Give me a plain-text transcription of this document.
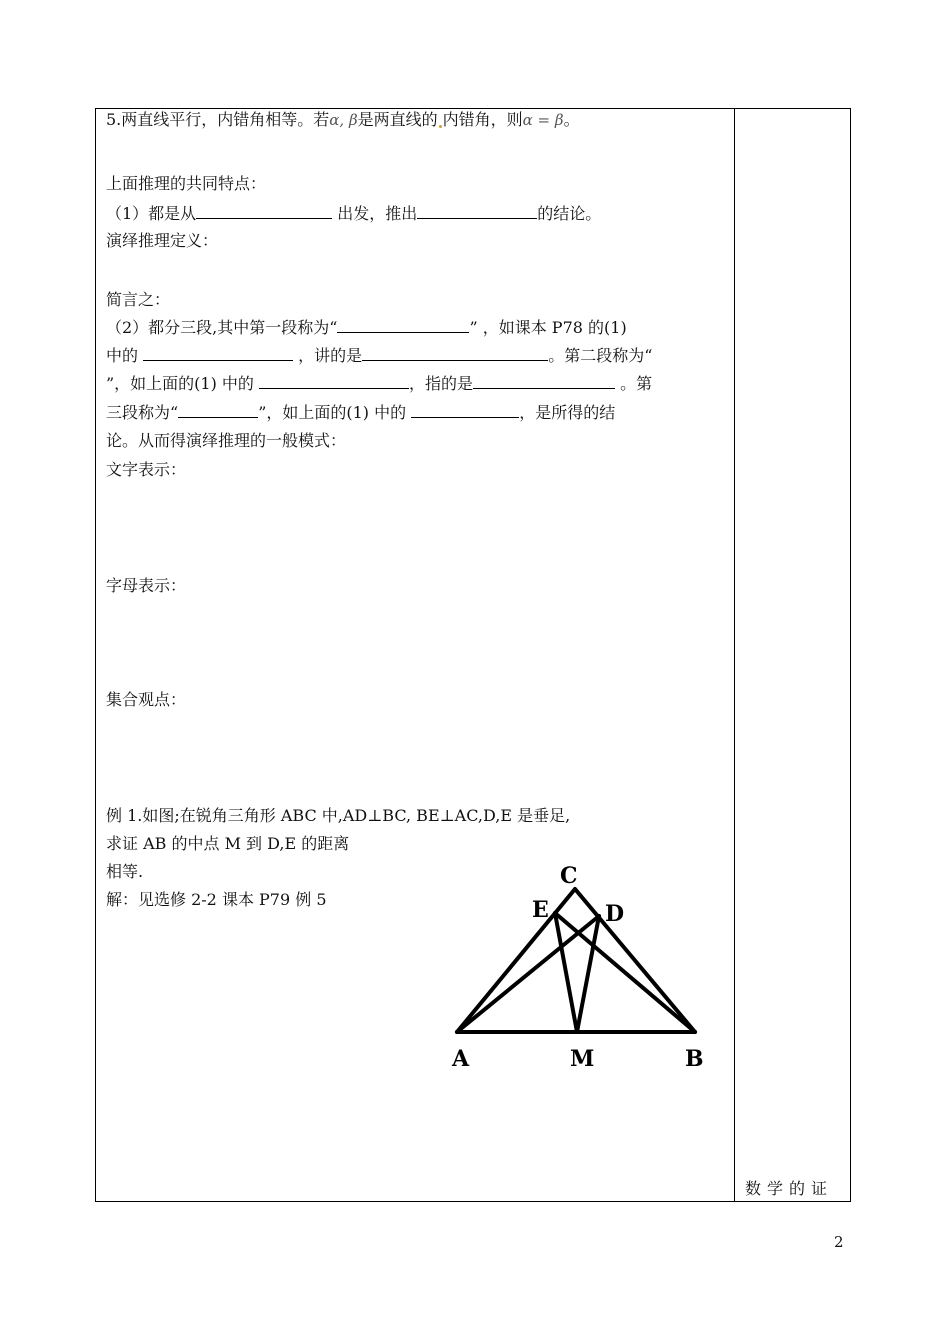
5.两直线平行，内错角相等。若α, β是两直线的 内错角，则α = β。
上面推理的共同特点：
（1）都是从	出发，推出	的结论。
演绎推理定义：
简言之：
（2）都分三段,其中第一段称为“	” ，如课本 P78 的(1)
中的	，讲的是	。第二段称为“
”，如上面的(1) 中的	，指的是	。第
三段称为“	”，如上面的(1) 中的	，是所得的结
论。从而得演绎推理的一般模式：
文字表示：
字母表示：
集合观点：
例 1.如图;在锐角三角形 ABC 中,AD⊥BC, BE⊥AC,D,E 是垂足,
求证 AB 的中点 M 到 D,E 的距离
相等.
解：见选修 2-2 课本 P79 例 5
C
E	D
A	M	B
数学的证
2
